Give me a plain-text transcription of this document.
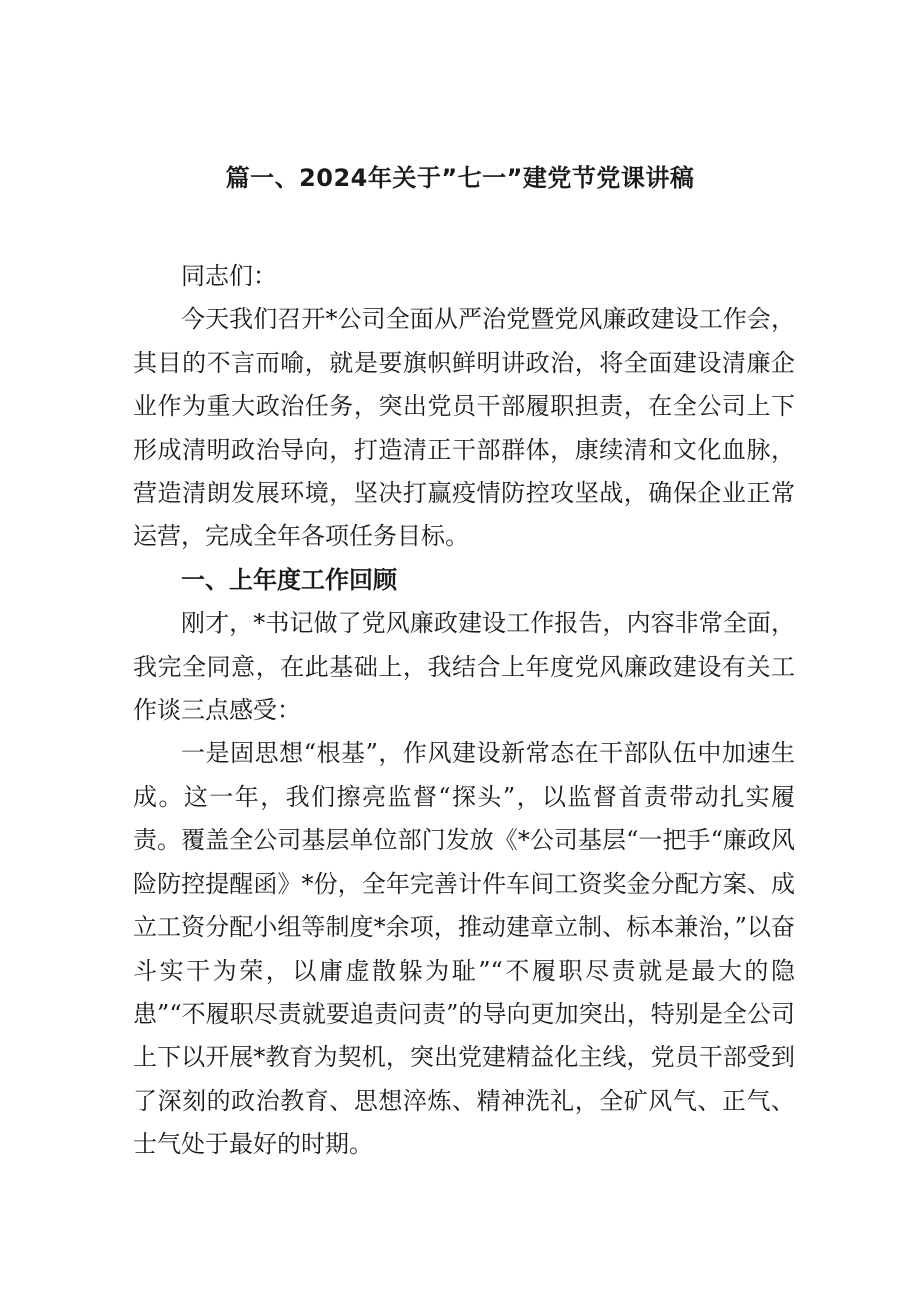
篇一、2024年关于”七一”建党节党课讲稿

同志们：

今天我们召开*公司全面从严治党暨党风廉政建设工作会，其目的不言而喻，就是要旗帜鲜明讲政治，将全面建设清廉企业作为重大政治任务，突出党员干部履职担责，在全公司上下形成清明政治导向，打造清正干部群体，康续清和文化血脉，营造清朗发展环境，坚决打赢疫情防控攻坚战，确保企业正常运营，完成全年各项任务目标。

一、上年度工作回顾

刚才，*书记做了党风廉政建设工作报告，内容非常全面，我完全同意，在此基础上，我结合上年度党风廉政建设有关工作谈三点感受：

一是固思想“根基”，作风建设新常态在干部队伍中加速生成。这一年，我们擦亮监督“探头”，以监督首责带动扎实履责。覆盖全公司基层单位部门发放《*公司基层“一把手“廉政风险防控提醒函》*份，全年完善计件车间工资奖金分配方案、成立工资分配小组等制度*余项，推动建章立制、标本兼治，”以奋斗实干为荣，以庸虚散躲为耻”“不履职尽责就是最大的隐患”“不履职尽责就要追责问责”的导向更加突出，特别是全公司上下以开展*教育为契机，突出党建精益化主线，党员干部受到了深刻的政治教育、思想淬炼、精神洗礼，全矿风气、正气、士气处于最好的时期。
